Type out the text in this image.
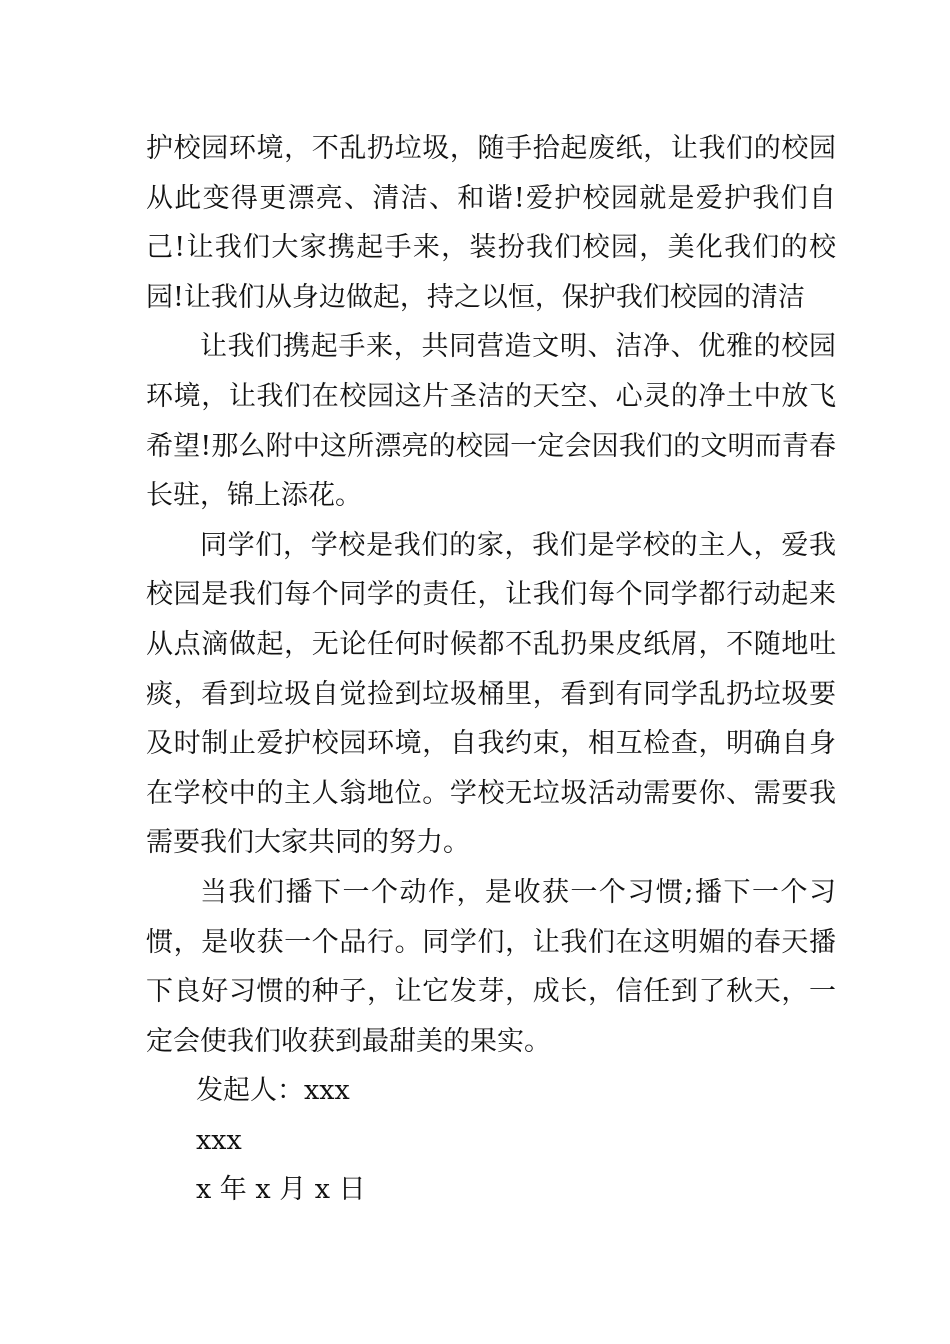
护校园环境，不乱扔垃圾，随手拾起废纸，让我们的校园从此变得更漂亮、清洁、和谐!爱护校园就是爱护我们自己!让我们大家携起手来，装扮我们校园，美化我们的校园!让我们从身边做起，持之以恒，保护我们校园的清洁

让我们携起手来，共同营造文明、洁净、优雅的校园环境，让我们在校园这片圣洁的天空、心灵的净土中放飞希望!那么附中这所漂亮的校园一定会因我们的文明而青春长驻，锦上添花。

同学们，学校是我们的家，我们是学校的主人，爱我校园是我们每个同学的责任，让我们每个同学都行动起来从点滴做起，无论任何时候都不乱扔果皮纸屑，不随地吐痰，看到垃圾自觉捡到垃圾桶里，看到有同学乱扔垃圾要及时制止爱护校园环境，自我约束，相互检查，明确自身在学校中的主人翁地位。学校无垃圾活动需要你、需要我需要我们大家共同的努力。

当我们播下一个动作，是收获一个习惯;播下一个习惯，是收获一个品行。同学们，让我们在这明媚的春天播下良好习惯的种子，让它发芽，成长，信任到了秋天，一定会使我们收获到最甜美的果实。

发起人：xxx

xxx

x 年 x 月 x 日
